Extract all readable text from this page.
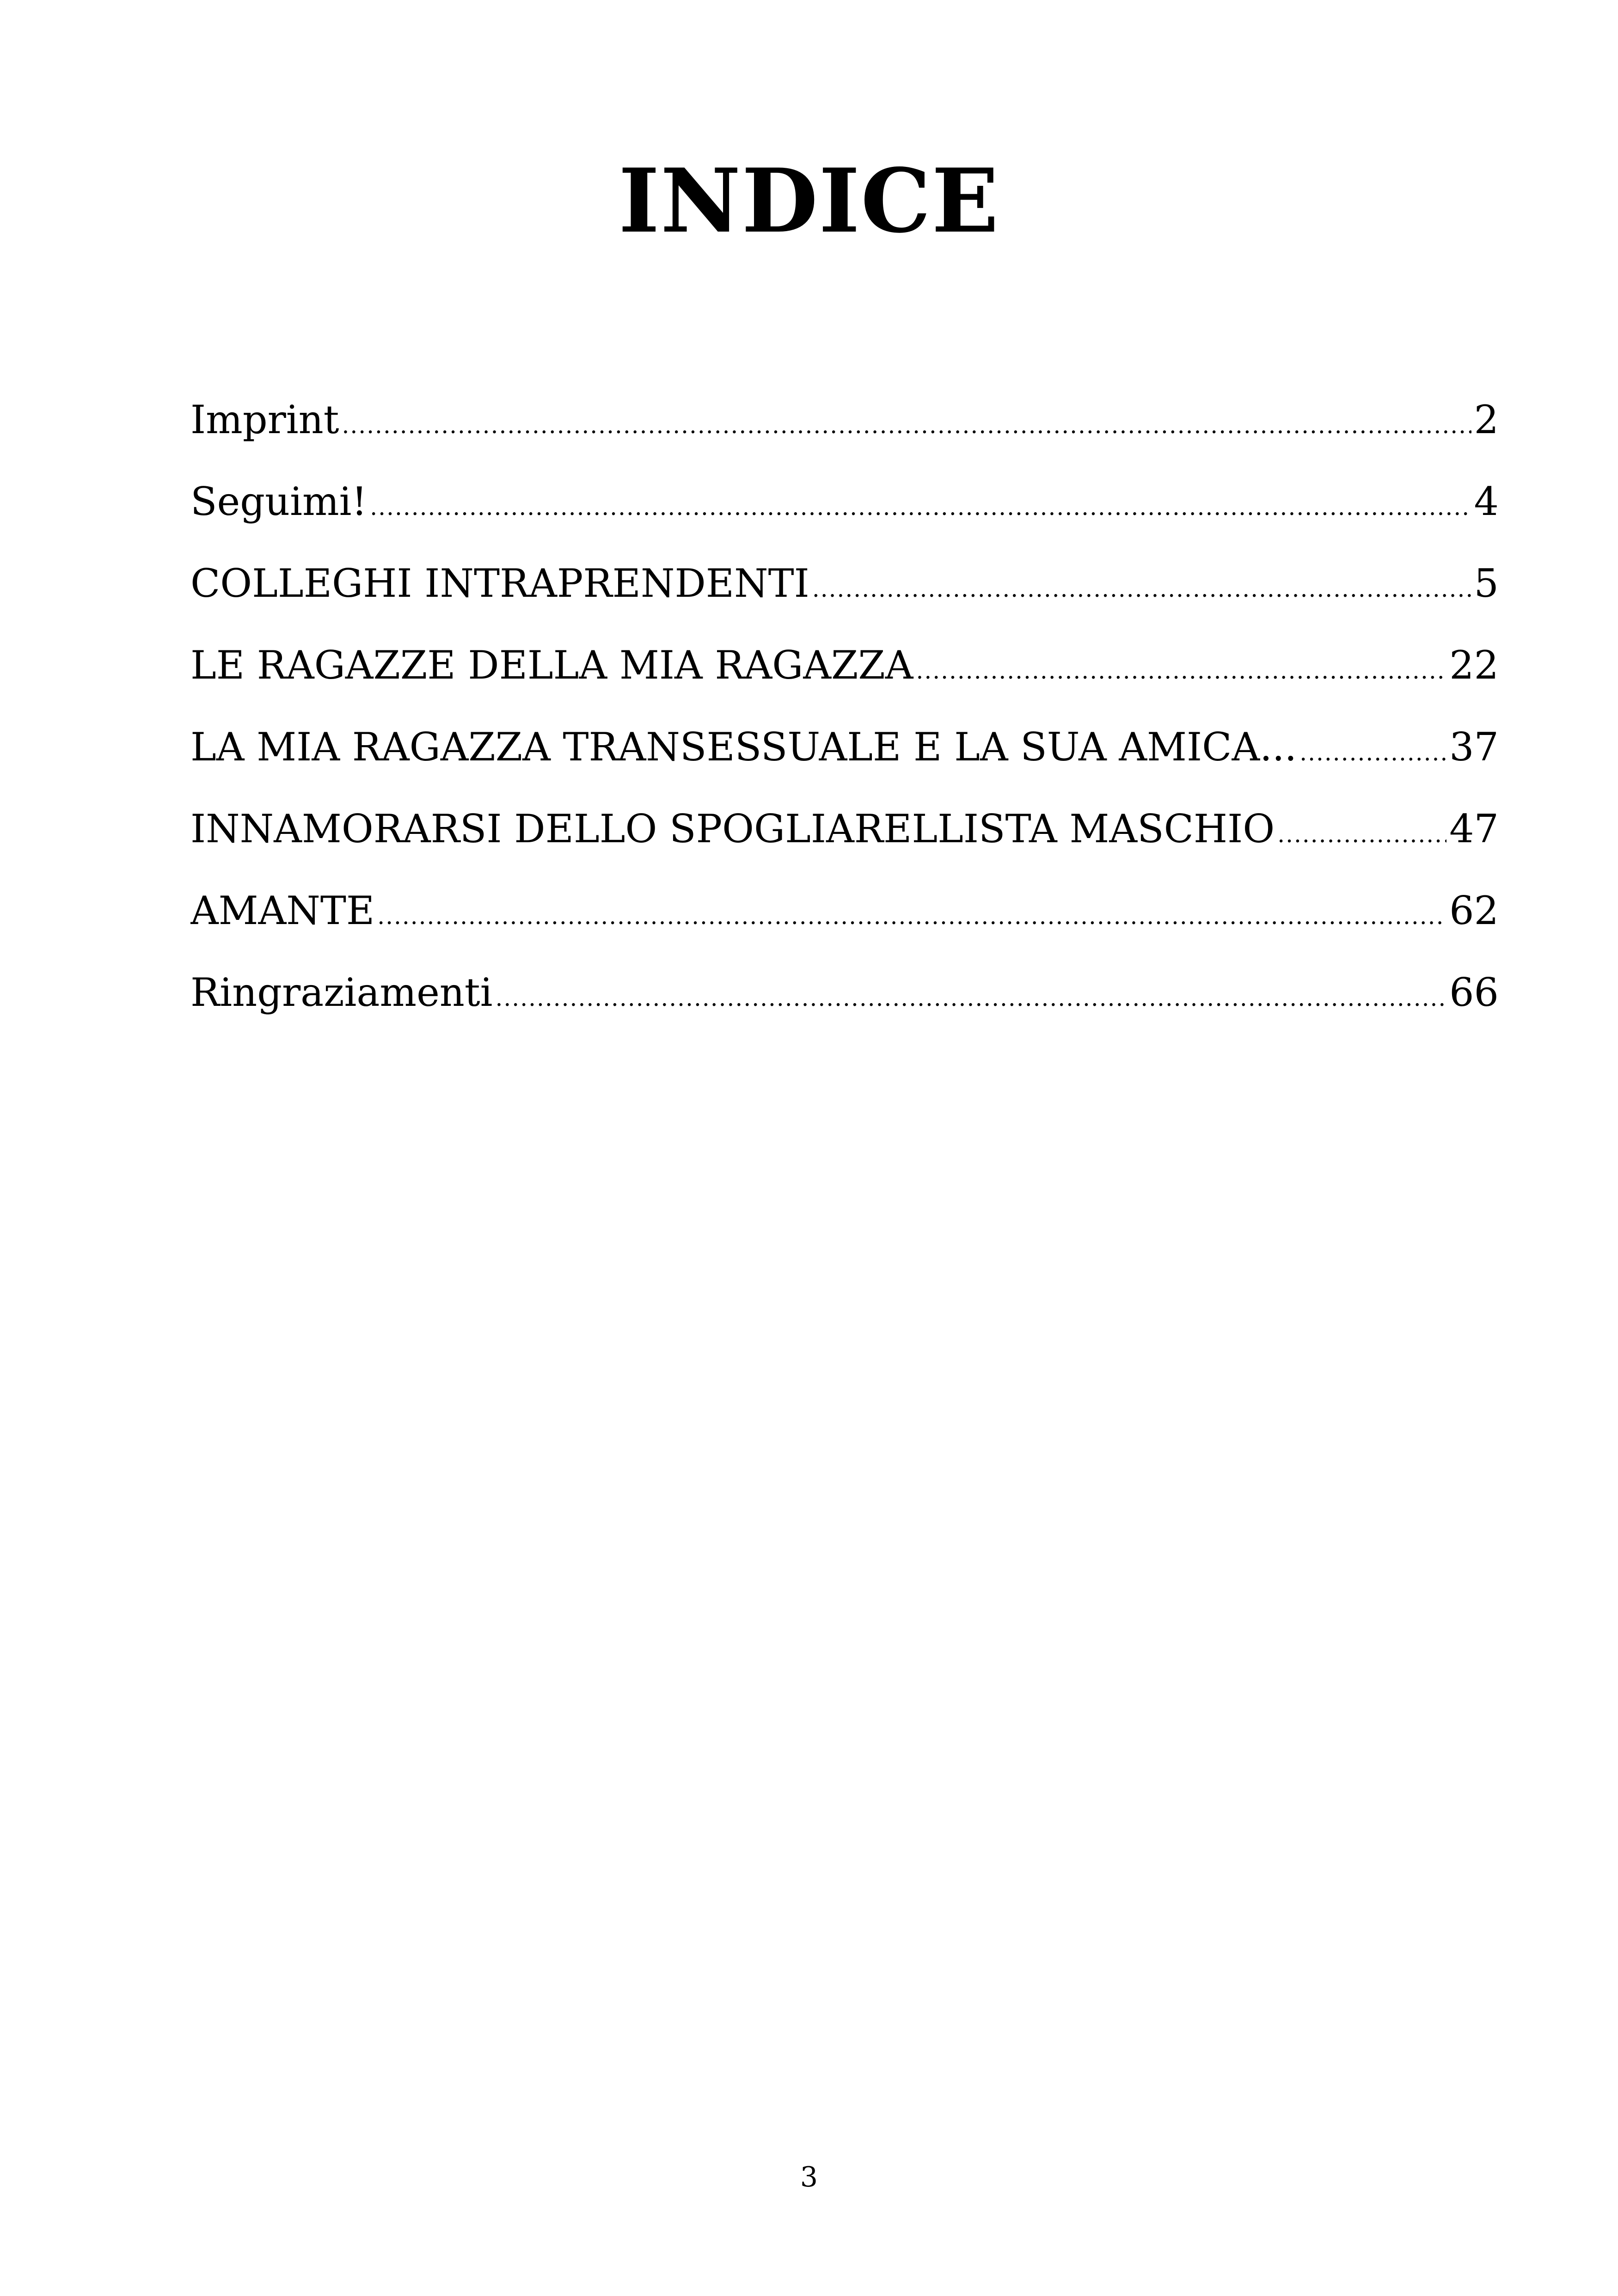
INDICE
Imprint .....	2
Seguimi! .....	4
COLLEGHI INTRAPRENDENTI .....	5
LE RAGAZZE DELLA MIA RAGAZZA .....	22
LA MIA RAGAZZA TRANSESSUALE E LA SUA AMICA... .....	37
INNAMORARSI DELLO SPOGLIARELLISTA MASCHIO .....	47
AMANTE .....	62
Ringraziamenti .....	66
3
